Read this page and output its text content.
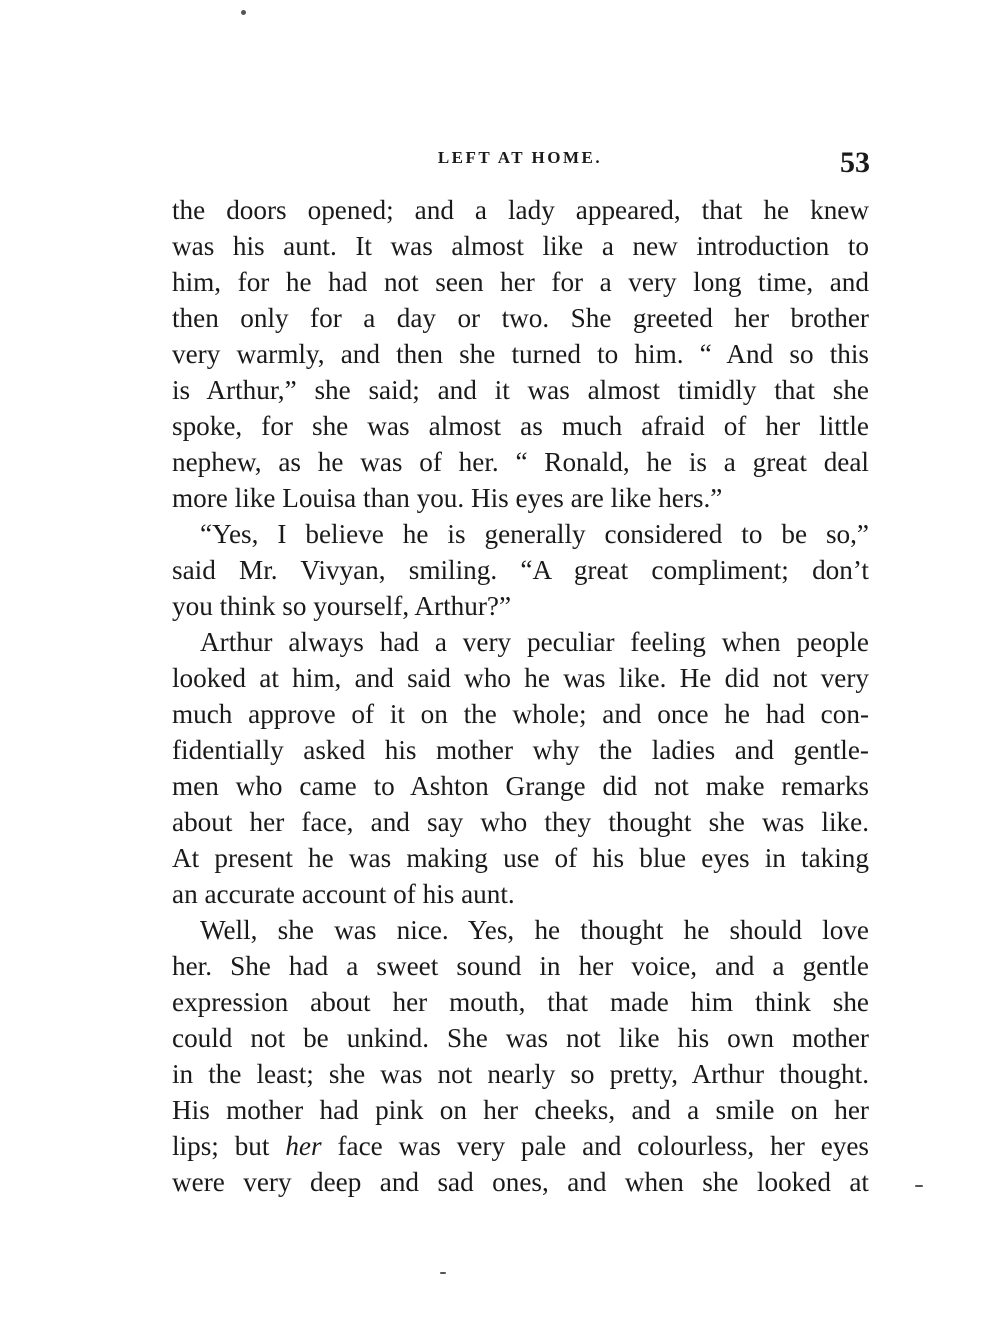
LEFT AT HOME.	53
the doors opened; and a lady appeared, that he knew
was his aunt. It was almost like a new introduction to
him, for he had not seen her for a very long time, and
then only for a day or two. She greeted her brother
very warmly, and then she turned to him. “ And so this
is Arthur,” she said; and it was almost timidly that she
spoke, for she was almost as much afraid of her little
nephew, as he was of her. “ Ronald, he is a great deal
more like Louisa than you. His eyes are like hers.”
“Yes, I believe he is generally considered to be so,”
said Mr. Vivyan, smiling. “A great compliment; don’t
you think so yourself, Arthur?”
Arthur always had a very peculiar feeling when people
looked at him, and said who he was like. He did not very
much approve of it on the whole; and once he had con-
fidentially asked his mother why the ladies and gentle-
men who came to Ashton Grange did not make remarks
about her face, and say who they thought she was like.
At present he was making use of his blue eyes in taking
an accurate account of his aunt.
Well, she was nice. Yes, he thought he should love
her. She had a sweet sound in her voice, and a gentle
expression about her mouth, that made him think she
could not be unkind. She was not like his own mother
in the least; she was not nearly so pretty, Arthur thought.
His mother had pink on her cheeks, and a smile on her
lips; but her face was very pale and colourless, her eyes
were very deep and sad ones, and when she looked at
